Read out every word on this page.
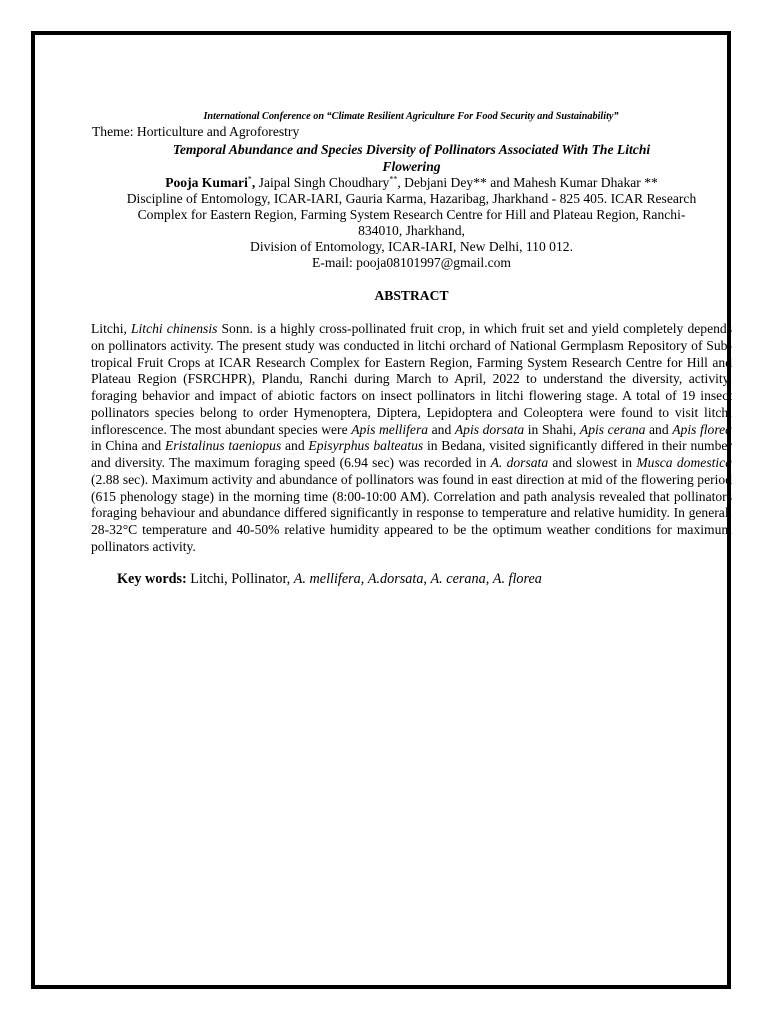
International Conference on “Climate Resilient Agriculture For Food Security and Sustainability”
Theme: Horticulture and Agroforestry
Temporal Abundance and Species Diversity of Pollinators Associated With The Litchi
Flowering
Pooja Kumari*, Jaipal Singh Choudhary**, Debjani Dey** and Mahesh Kumar Dhakar **
Discipline of Entomology, ICAR-IARI, Gauria Karma, Hazaribag, Jharkhand - 825 405. ICAR Research
Complex for Eastern Region, Farming System Research Centre for Hill and Plateau Region, Ranchi-
834010, Jharkhand,
Division of Entomology, ICAR-IARI, New Delhi, 110 012.
E-mail: pooja08101997@gmail.com
ABSTRACT
Litchi, Litchi chinensis Sonn. is a highly cross-pollinated fruit crop, in which fruit set and yield completely depends on pollinators activity. The present study was conducted in litchi orchard of National Germplasm Repository of Sub-tropical Fruit Crops at ICAR Research Complex for Eastern Region, Farming System Research Centre for Hill and Plateau Region (FSRCHPR), Plandu, Ranchi during March to April, 2022 to understand the diversity, activity, foraging behavior and impact of abiotic factors on insect pollinators in litchi flowering stage. A total of 19 insect pollinators species belong to order Hymenoptera, Diptera, Lepidoptera and Coleoptera were found to visit litchi inflorescence. The most abundant species were Apis mellifera and Apis dorsata in Shahi, Apis cerana and Apis florea in China and Eristalinus taeniopus and Episyrphus balteatus in Bedana, visited significantly differed in their number and diversity. The maximum foraging speed (6.94 sec) was recorded in A. dorsata and slowest in Musca domestica (2.88 sec). Maximum activity and abundance of pollinators was found in east direction at mid of the flowering period (615 phenology stage) in the morning time (8:00-10:00 AM). Correlation and path analysis revealed that pollinators foraging behaviour and abundance differed significantly in response to temperature and relative humidity. In general, 28-32°C temperature and 40-50% relative humidity appeared to be the optimum weather conditions for maximum pollinators activity.
Key words: Litchi, Pollinator, A. mellifera, A.dorsata, A. cerana, A. florea
